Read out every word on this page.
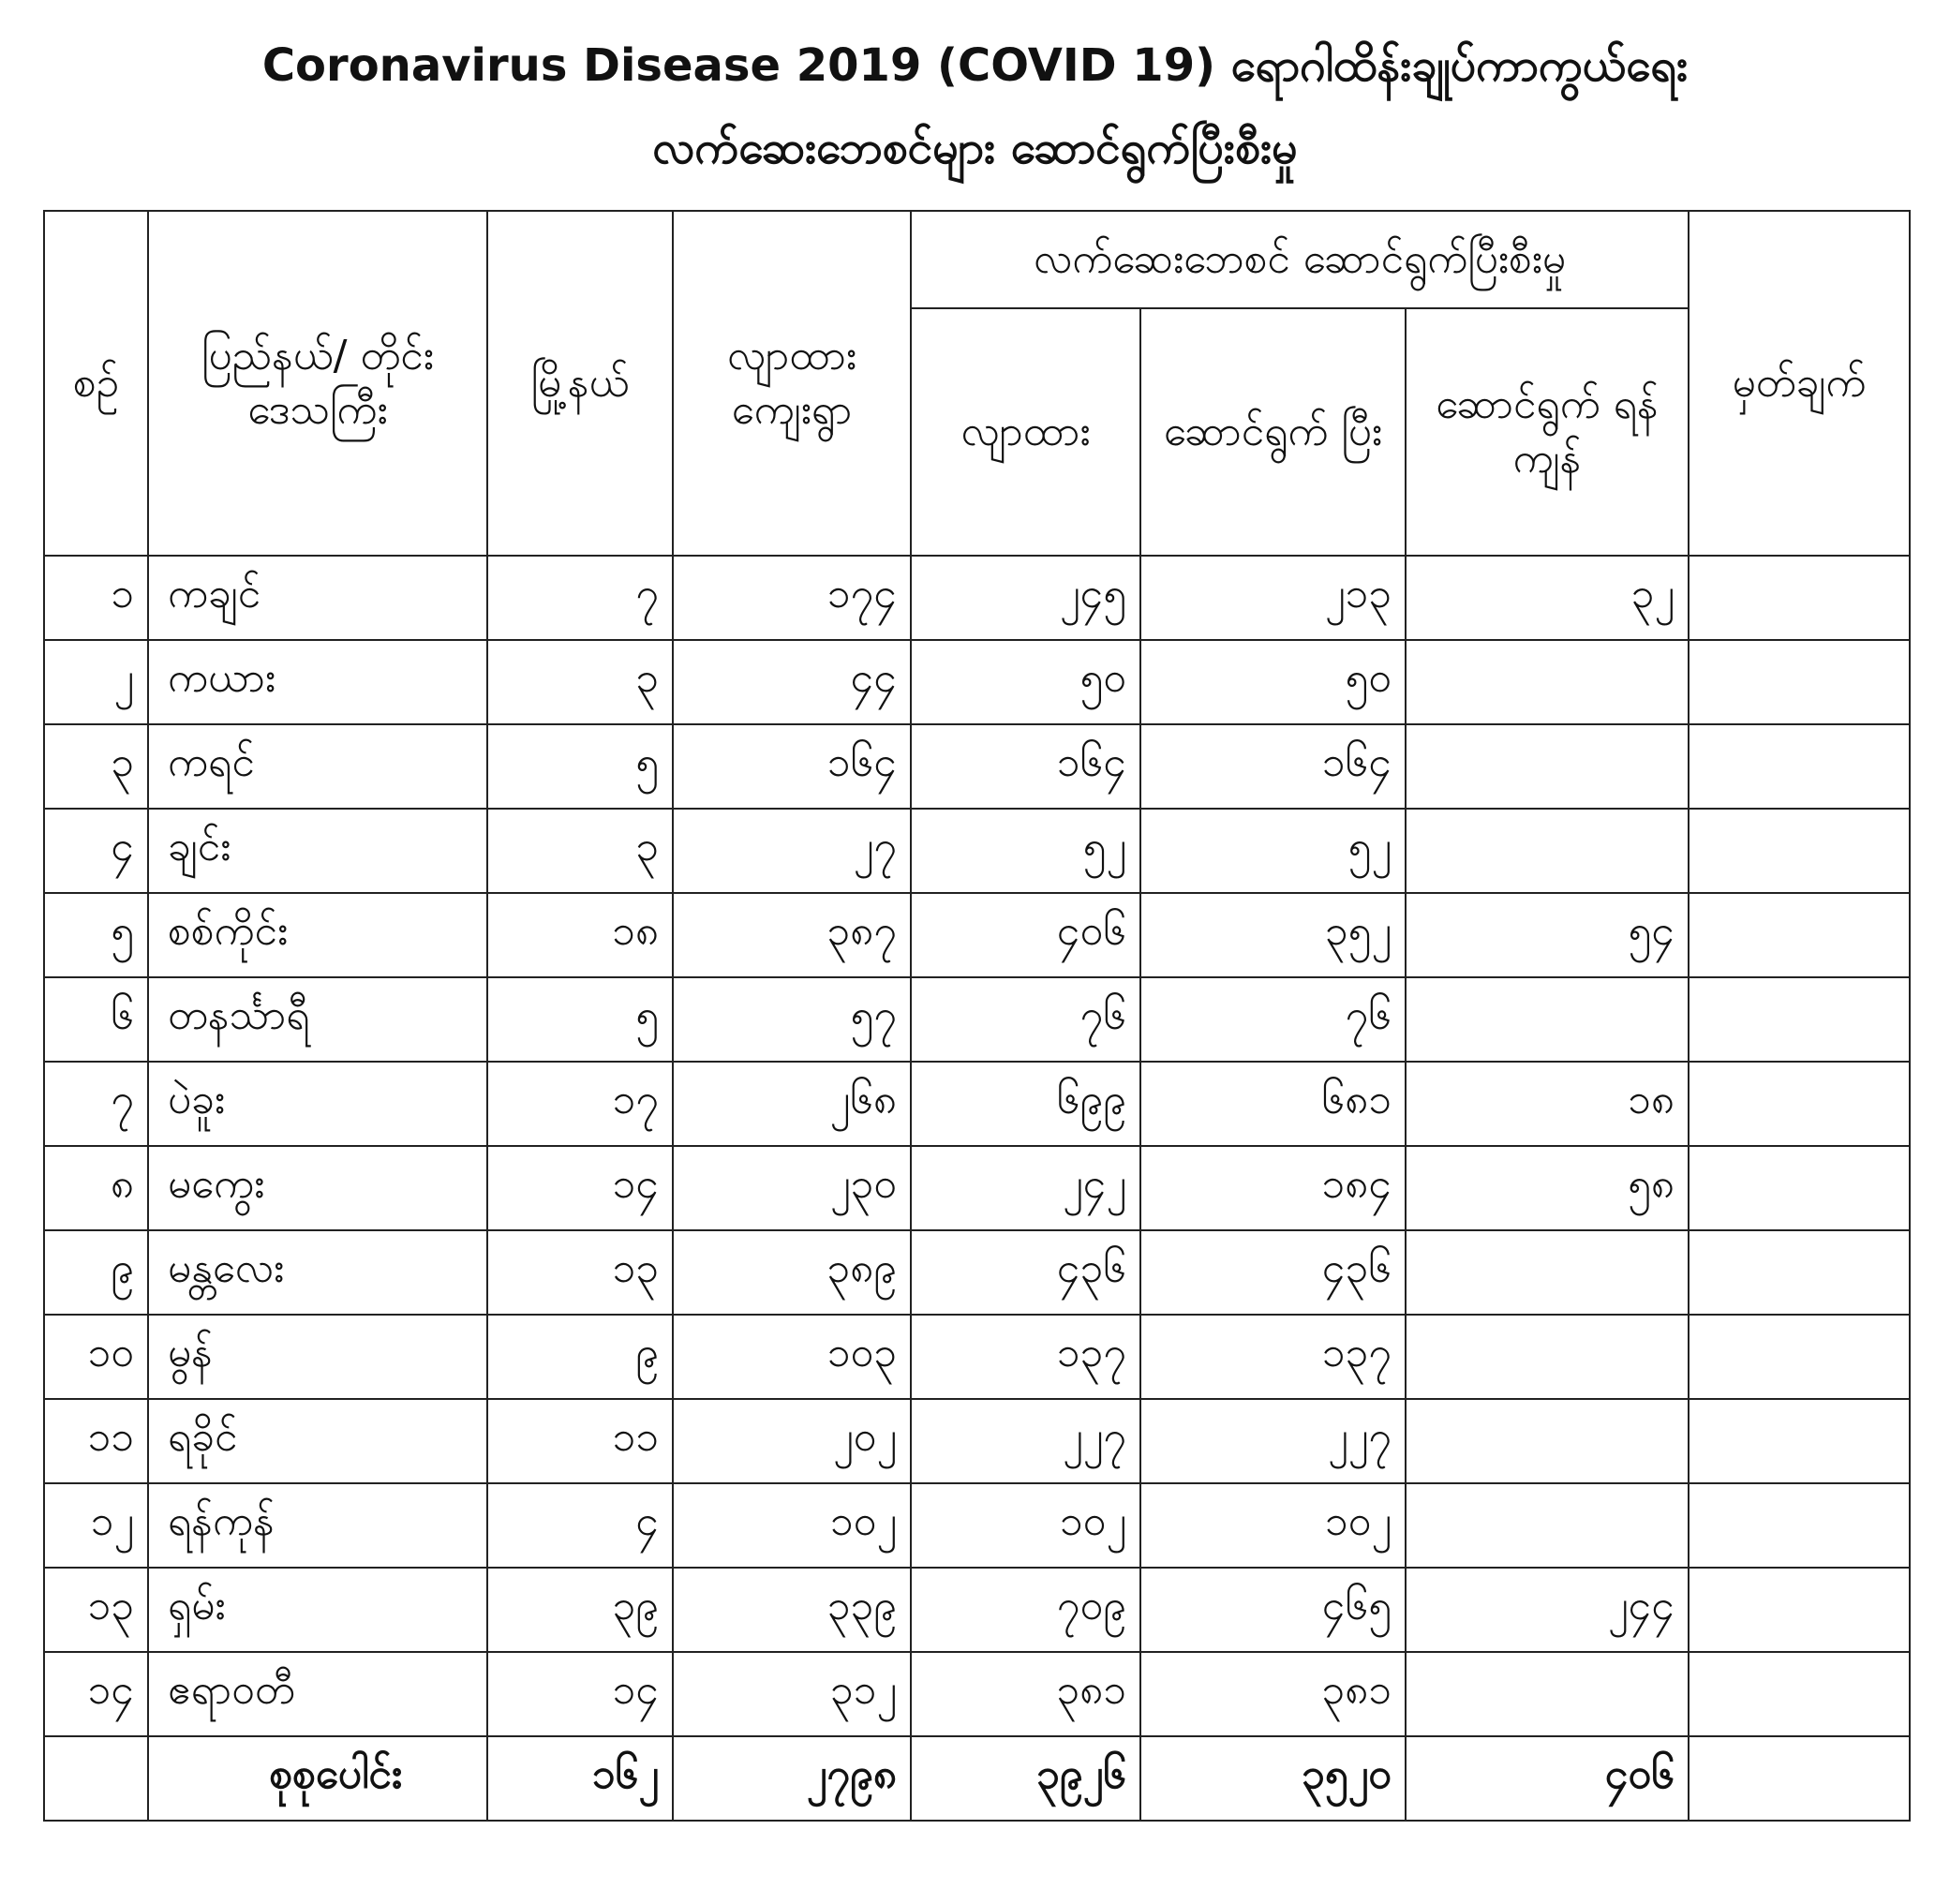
Coronavirus Disease 2019 (COVID 19) ရောဂါထိန်းချုပ်ကာကွယ်ရေး
လက်ဆေးဘေစင်များ ဆောင်ရွက်ပြီးစီးမှု
စဉ်	ပြည်နယ်/ တိုင်းဒေသကြီး	မြို့နယ်	လျာထား ကျေးရွာ	လက်ဆေးဘေစင် ဆောင်ရွက်ပြီးစီးမှု			မှတ်ချက်
				လျာထား	ဆောင်ရွက် ပြီး	ဆောင်ရွက် ရန် ကျန်	
၁	ကချင်	၇	၁၇၄	၂၄၅	၂၁၃	၃၂	
၂	ကယား	၃	၄၄	၅၀	၅၀		
၃	ကရင်	၅	၁၆၄	၁၆၄	၁၆၄		
၄	ချင်း	၃	၂၇	၅၂	၅၂		
၅	စစ်ကိုင်း	၁၈	၃၈၇	၄၀၆	၃၅၂	၅၄	
၆	တနင်္သာရီ	၅	၅၇	၇၆	၇၆		
၇	ပဲခူး	၁၇	၂၆၈	၆၉၉	၆၈၁	၁၈	
၈	မကွေး	၁၄	၂၃၀	၂၄၂	၁၈၄	၅၈	
၉	မန္တလေး	၁၃	၃၈၉	၄၃၆	၄၃၆		
၁၀	မွန်	၉	၁၀၃	၁၃၇	၁၃၇		
၁၁	ရခိုင်	၁၁	၂၀၂	၂၂၇	၂၂၇		
၁၂	ရန်ကုန်	၄	၁၀၂	၁၀၂	၁၀၂		
၁၃	ရှမ်း	၃၉	၃၃၉	၇၀၉	၄၆၅	၂၄၄	
၁၄	ဧရာဝတီ	၁၄	၃၁၂	၃၈၁	၃၈၁		
	စုစုပေါင်း	၁၆၂	၂၇၉၈	၃၉၂၆	၃၅၂၀	၄၀၆	
